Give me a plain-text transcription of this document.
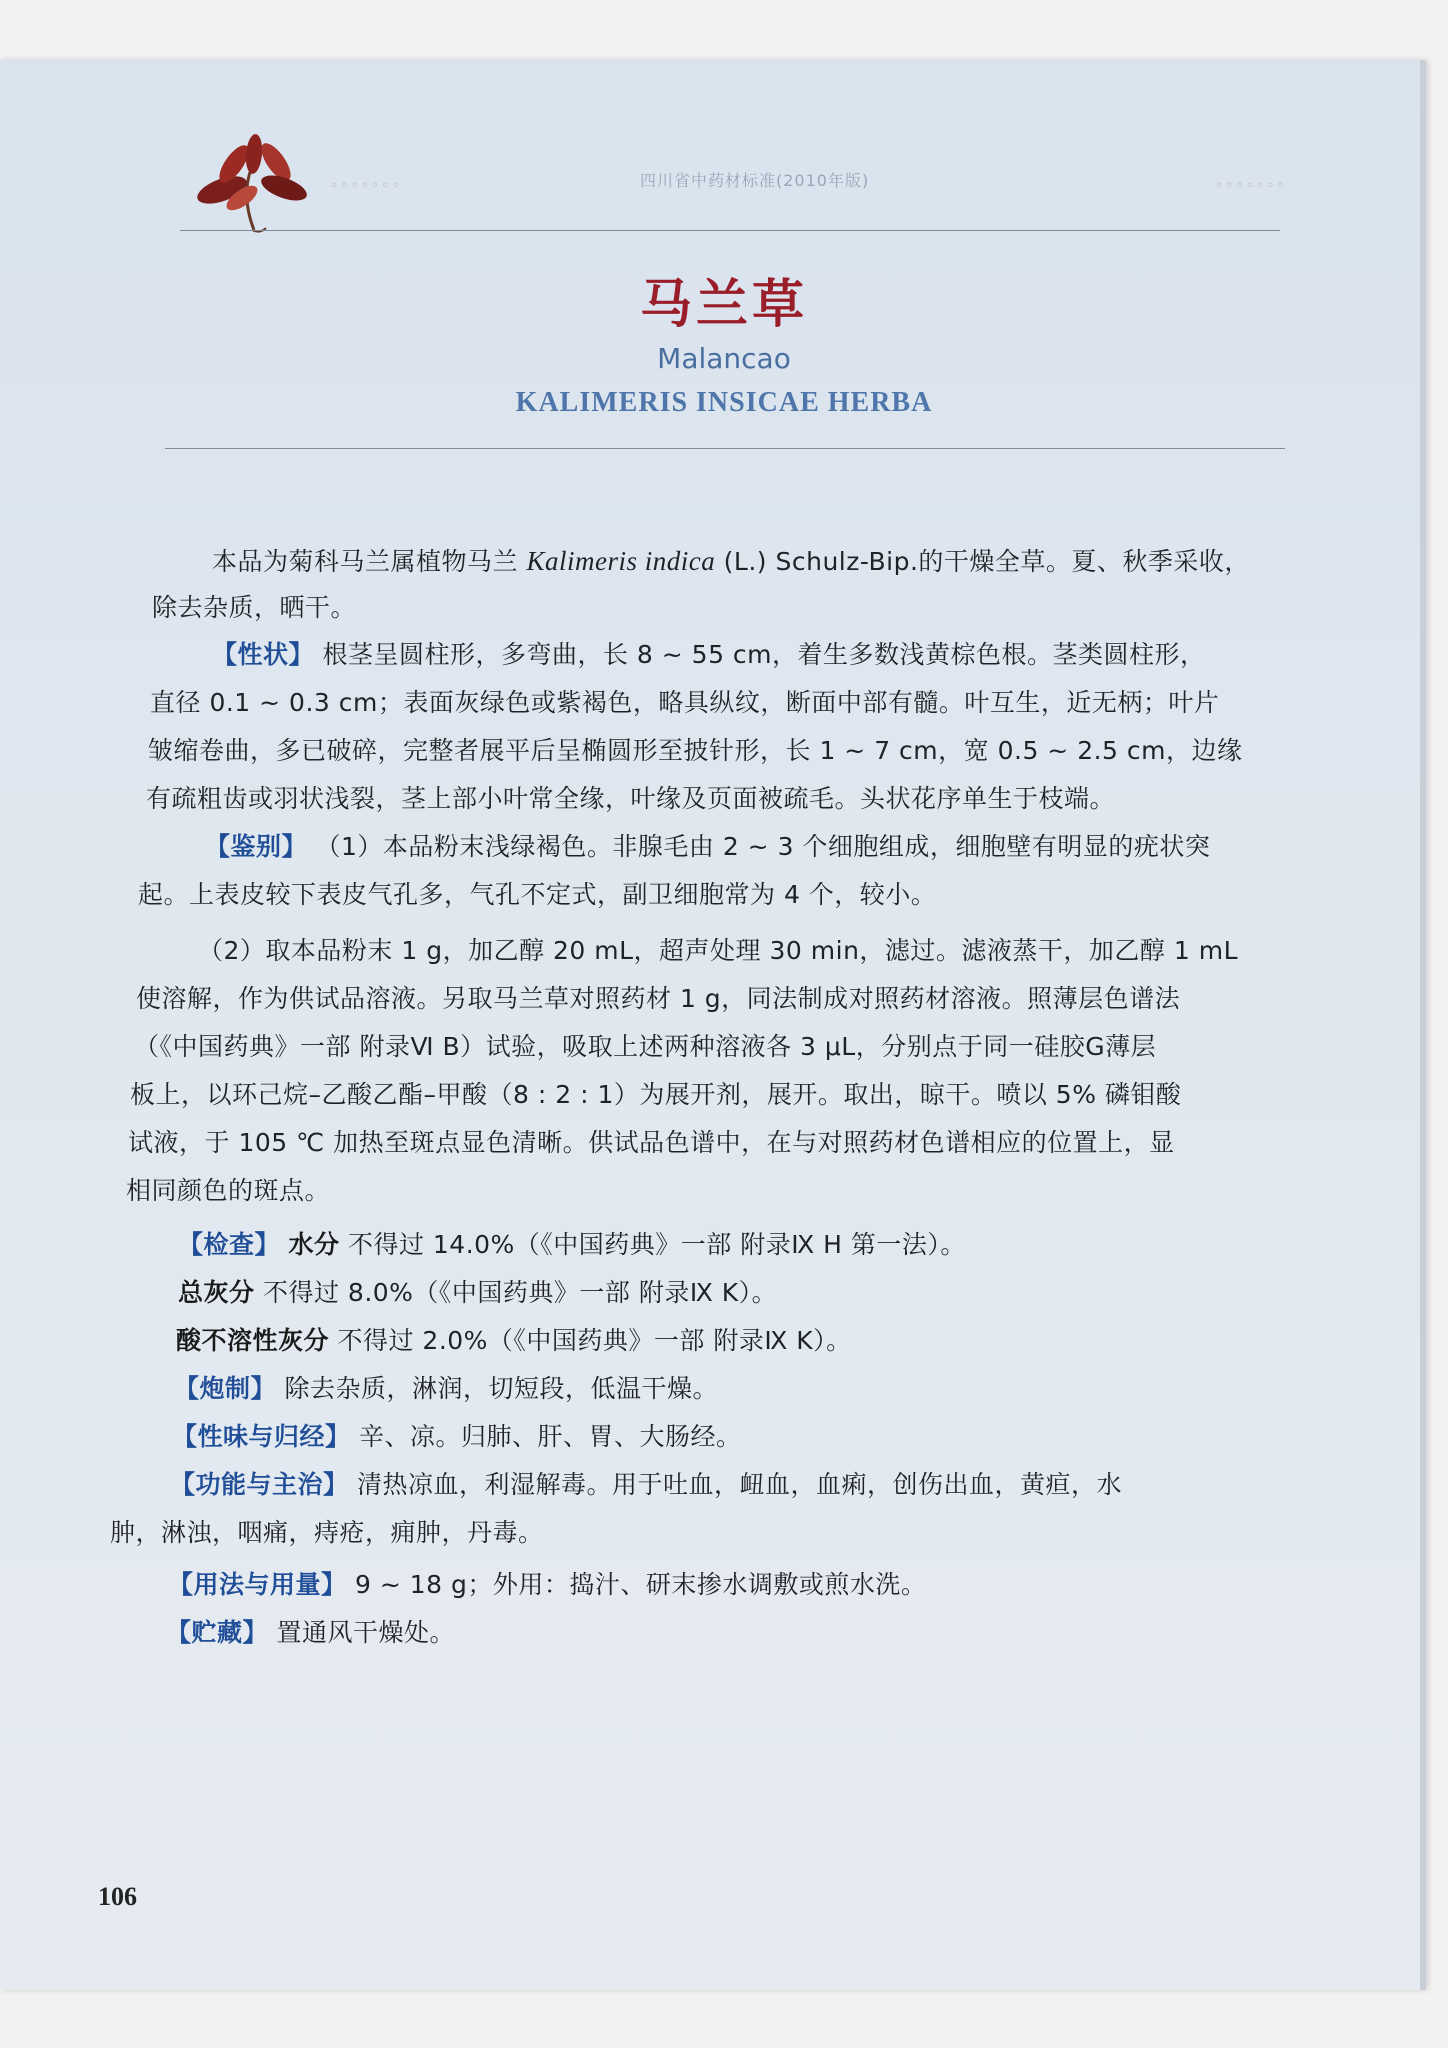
◦◦◦◦◦◦◦	四川省中药材标准(2010年版)	◦◦◦◦◦◦◦
马兰草
Malancao
KALIMERIS INSICAE HERBA
本品为菊科马兰属植物马兰 Kalimeris indica (L.) Schulz-Bip.的干燥全草。夏、秋季采收，
除去杂质，晒干。
【性状】 根茎呈圆柱形，多弯曲，长 8 ~ 55 cm，着生多数浅黄棕色根。茎类圆柱形，
直径 0.1 ~ 0.3 cm；表面灰绿色或紫褐色，略具纵纹，断面中部有髓。叶互生，近无柄；叶片
皱缩卷曲，多已破碎，完整者展平后呈椭圆形至披针形，长 1 ~ 7 cm，宽 0.5 ~ 2.5 cm，边缘
有疏粗齿或羽状浅裂，茎上部小叶常全缘，叶缘及页面被疏毛。头状花序单生于枝端。
【鉴别】 （1）本品粉末浅绿褐色。非腺毛由 2 ~ 3 个细胞组成，细胞壁有明显的疣状突
起。上表皮较下表皮气孔多，气孔不定式，副卫细胞常为 4 个，较小。
（2）取本品粉末 1 g，加乙醇 20 mL，超声处理 30 min，滤过。滤液蒸干，加乙醇 1 mL
使溶解，作为供试品溶液。另取马兰草对照药材 1 g，同法制成对照药材溶液。照薄层色谱法
（《中国药典》一部 附录Ⅵ B）试验，吸取上述两种溶液各 3 μL，分别点于同一硅胶G薄层
板上，以环己烷–乙酸乙酯–甲酸（8 : 2 : 1）为展开剂，展开。取出，晾干。喷以 5% 磷钼酸
试液，于 105 ℃ 加热至斑点显色清晰。供试品色谱中，在与对照药材色谱相应的位置上，显
相同颜色的斑点。
【检查】 水分 不得过 14.0%（《中国药典》一部 附录Ⅸ H 第一法）。
总灰分 不得过 8.0%（《中国药典》一部 附录Ⅸ K）。
酸不溶性灰分 不得过 2.0%（《中国药典》一部 附录Ⅸ K）。
【炮制】 除去杂质，淋润，切短段，低温干燥。
【性味与归经】 辛、凉。归肺、肝、胃、大肠经。
【功能与主治】 清热凉血，利湿解毒。用于吐血，衄血，血痢，创伤出血，黄疸，水
肿，淋浊，咽痛，痔疮，痈肿，丹毒。
【用法与用量】 9 ~ 18 g；外用：捣汁、研末掺水调敷或煎水洗。
【贮藏】 置通风干燥处。
106
